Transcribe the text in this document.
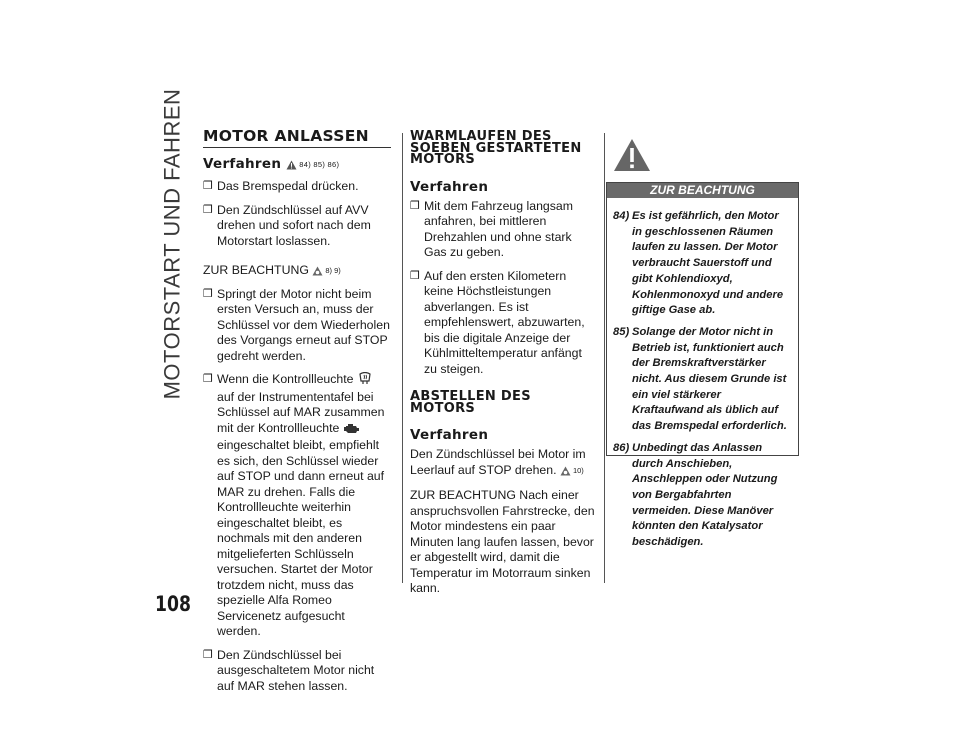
MOTORSTART UND FAHREN
108
MOTOR ANLASSEN
Verfahren 84) 85) 86)
❒ Das Bremspedal drücken.
❒ Den Zündschlüssel auf AVV drehen und sofort nach dem Motorstart loslassen.

ZUR BEACHTUNG 8) 9)

❒ Springt der Motor nicht beim ersten Versuch an, muss der Schlüssel vor dem Wiederholen des Vorgangs erneut auf STOP gedreht werden.
❒ Wenn die Kontrollleuchte  auf der Instrumententafel bei Schlüssel auf MAR zusammen mit der Kontrollleuchte  eingeschaltet bleibt, empfiehlt es sich, den Schlüssel wieder auf STOP und dann erneut auf MAR zu drehen. Falls die Kontrollleuchte weiterhin eingeschaltet bleibt, es nochmals mit den anderen mitgelieferten Schlüsseln versuchen. Startet der Motor trotzdem nicht, muss das spezielle Alfa Romeo Servicenetz aufgesucht werden.
❒ Den Zündschlüssel bei ausgeschaltetem Motor nicht auf MAR stehen lassen.
WARMLAUFEN DES SOEBEN GESTARTETEN MOTORS
Verfahren
❒ Mit dem Fahrzeug langsam anfahren, bei mittleren Drehzahlen und ohne stark Gas zu geben.
❒ Auf den ersten Kilometern keine Höchstleistungen abverlangen. Es ist empfehlenswert, abzuwarten, bis die digitale Anzeige der Kühlmitteltemperatur anfängt zu steigen.
ABSTELLEN DES MOTORS
Verfahren

Den Zündschlüssel bei Motor im Leerlauf auf STOP drehen. 10)

ZUR BEACHTUNG Nach einer anspruchsvollen Fahrstrecke, den Motor mindestens ein paar Minuten lang laufen lassen, bevor er abgestellt wird, damit die Temperatur im Motorraum sinken kann.

ZUR BEACHTUNG
84) Es ist gefährlich, den Motor in geschlossenen Räumen laufen zu lassen. Der Motor verbraucht Sauerstoff und gibt Kohlendioxyd, Kohlenmonoxyd und andere giftige Gase ab.
85) Solange der Motor nicht in Betrieb ist, funktioniert auch der Bremskraftverstärker nicht. Aus diesem Grunde ist ein viel stärkerer Kraftaufwand als üblich auf das Bremspedal erforderlich.
86) Unbedingt das Anlassen durch Anschieben, Anschleppen oder Nutzung von Bergabfahrten vermeiden. Diese Manöver könnten den Katalysator beschädigen.
